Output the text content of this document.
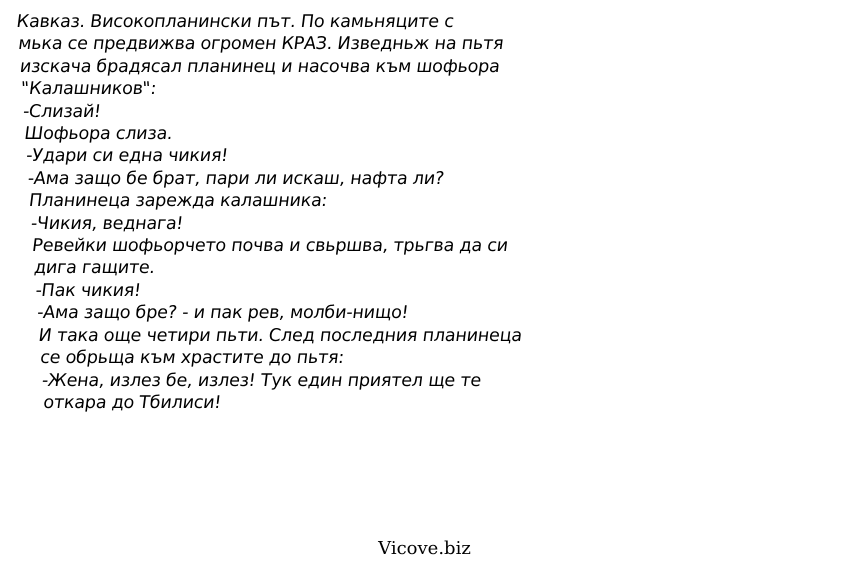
Кавказ. Високопланински път. По камьняците с
мька се предвижва огромен КРАЗ. Изведньж на пьтя
изскача брадясал планинец и насочва към шофьора
"Калашников":
-Слизай!
Шофьора слиза.
-Удари си една чикия!
-Ама защо бе брат, пари ли искаш, нафта ли?
Планинеца зарежда калашника:
-Чикия, веднага!
Ревейки шофьорчето почва и свьршва, трьгва да си
дига гащите.
-Пак чикия!
-Ама защо бре? - и пак рев, молби-нищо!
И така още четири пьти. След последния планинеца
се обрьща към храстите до пьтя:
-Жена, излез бе, излез! Тук един приятел ще те
откара до Тбилиси!
Vicove.biz
